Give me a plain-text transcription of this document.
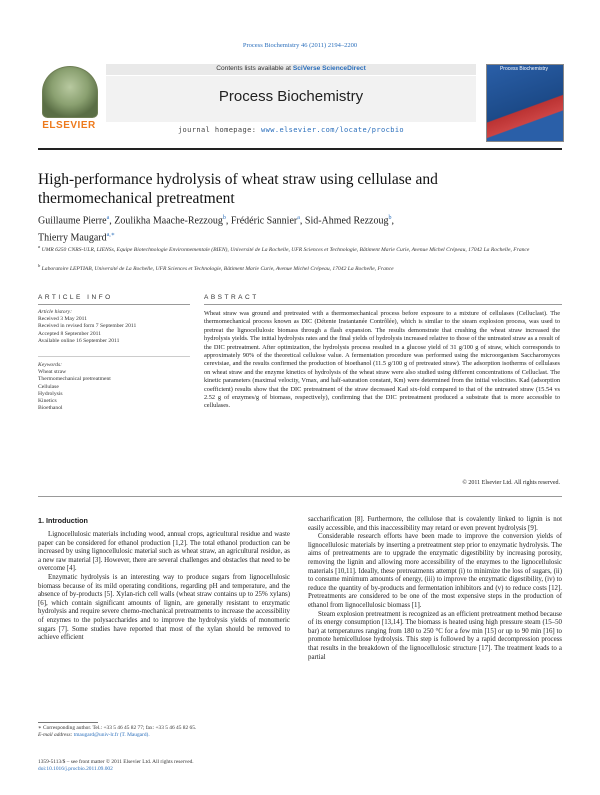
Process Biochemistry 46 (2011) 2194–2200
ELSEVIER
Contents lists available at SciVerse ScienceDirect
Process Biochemistry
journal homepage: www.elsevier.com/locate/procbio
Process Biochemistry
High-performance hydrolysis of wheat straw using cellulase and
thermomechanical pretreatment
Guillaume Pierre$^a$, Zoulikha Maache-Rezzoug$^b$, Frédéric Sannier$^a$, Sid-Ahmed Rezzoug$^b$,
Thierry Maugard$^{a,∗}$
$^a$ UMR 6250 CNRS-ULR, LIENSs, Equipe Biotechnologie Environnementale (BIEN), Université de La Rochelle, UFR Sciences et Technologie, Bâtiment Marie Curie, Avenue Michel Crépeau, 17042 La Rochelle, France
$^b$ Laboratoire LEPTIAB, Université de La Rochelle, UFR Sciences et Technologie, Bâtiment Marie Curie, Avenue Michel Crépeau, 17042 La Rochelle, France
ARTICLE INFO
Article history:
Received 3 May 2011
Received in revised form 7 September 2011
Accepted 8 September 2011
Available online 16 September 2011
Keywords:
Wheat straw
Thermomechanical pretreatment
Cellulase
Hydrolysis
Kinetics
Bioethanol
ABSTRACT
Wheat straw was ground and pretreated with a thermomechanical process before exposure to a mixture of cellulases (Celluclast). The thermomechanical process known as DIC (Détente Instantanée Contrôlée), which is similar to the steam explosion process, was used to pretreat the lignocellulosic biomass through a flash expansion. The results demonstrate that crushing the wheat straw increased the hydrolysis yields. The initial hydrolysis rates and the final yields of hydrolysis increased relative to those of the untreated straw as a result of the DIC pretreatment. After optimization, the hydrolysis process resulted in a glucose yield of 31 g/100 g of straw, which corresponds to approximately 90% of the theoretical cellulose value. A fermentation procedure was performed using the microorganism Saccharomyces cerevisiae, and the results confirmed the production of bioethanol (11.5 g/100 g of pretreated straw). The adsorption isotherms of cellulases on wheat straw and the enzyme kinetics of hydrolysis of the wheat straw were also studied using different concentrations of Celluclast. The kinetic parameters (maximal velocity, Vmax, and half-saturation constant, Km) were determined from the initial velocities. Kad (adsorption coefficient) results show that the DIC pretreatment of the straw decreased Kad six-fold compared to that of the untreated straw (15.54 vs 2.52 g of enzymes/g of biomass, respectively), confirming that the DIC pretreatment produced a substrate that is more accessible to cellulases.
© 2011 Elsevier Ltd. All rights reserved.
1. Introduction

Lignocellulosic materials including wood, annual crops, agricultural residue and waste paper can be considered for ethanol production [1,2]. The total ethanol production can be increased by using lignocellulosic material such as wheat straw, an agricultural residue, as a new raw material [3]. However, there are several challenges and obstacles that need to be overcome [4].

Enzymatic hydrolysis is an interesting way to produce sugars from lignocellulosic biomass because of its mild operating conditions, regarding pH and temperature, and the absence of by-products [5]. Xylan-rich cell walls (wheat straw contains up to 25% xylans) [6], which contain significant amounts of lignin, are generally resistant to enzymatic hydrolysis and require severe chemo-mechanical pretreatments to increase the accessibility of enzymes to the polysaccharides and to improve the hydrolysis yields of monomeric sugars [7]. Some studies have reported that most of the xylan should be removed to achieve efficient

saccharification [8]. Furthermore, the cellulose that is covalently linked to lignin is not easily accessible, and this inaccessibility may retard or even prevent hydrolysis [9].

Considerable research efforts have been made to improve the conversion yields of lignocellulosic materials by inserting a pretreatment step prior to enzymatic hydrolysis. The aims of pretreatments are to upgrade the enzymatic digestibility by increasing porosity, removing the lignin and allowing more accessibility of the enzymes to the lignocellulosic materials [10,11]. Ideally, these pretreatments attempt (i) to minimize the loss of sugars, (ii) to consume minimum amounts of energy, (iii) to improve the enzymatic digestibility, (iv) to reduce the quantity of by-products and fermentation inhibitors and (v) to reduce costs [12]. Pretreatments are considered to be one of the most expensive steps in the production of ethanol from lignocellulosic biomass [1].

Steam explosion pretreatment is recognized as an efficient pretreatment method because of its energy consumption [13,14]. The biomass is heated using high pressure steam (15–50 bar) at temperatures ranging from 180 to 250 °C for a few min [15] or up to 90 min [16] to promote hemicellulose hydrolysis. This step is followed by a rapid decompression process that results in the breakdown of the lignocellulosic structure [17]. The treatment leads to a partial

∗ Corresponding author. Tel.: +33 5 46 45 82 77; fax: +33 5 46 45 82 65.
E-mail address: tmaugard@univ-lr.fr (T. Maugard).
1359-5113/$ – see front matter © 2011 Elsevier Ltd. All rights reserved.
doi:10.1016/j.procbio.2011.09.002
